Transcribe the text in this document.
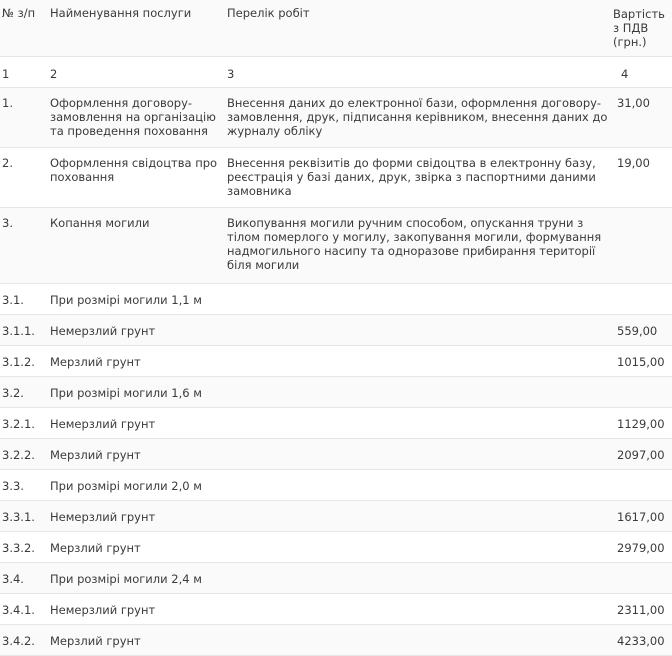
№ з/п	Найменування послуги	Перелік робіт	Вартість з ПДВ (грн.)
1	2	3	4
1.	Оформлення договору-замовлення на організацію та проведення поховання	Внесення даних до електронної бази, оформлення договору-замовлення, друк, підписання керівником, внесення даних до журналу обліку	31,00
2.	Оформлення свідоцтва про поховання	Внесення реквізитів до форми свідоцтва в електронну базу, реєстрація у базі даних, друк, звірка з паспортними даними замовника	19,00
3.	Копання могили	Викопування могили ручним способом, опускання труни з тілом померлого у могилу, закопування могили, формування надмогильного насипу та одноразове прибирання території біля могили	
3.1.	При розмірі могили 1,1 м		
3.1.1.	Немерзлий грунт		559,00
3.1.2.	Мерзлий грунт		1015,00
3.2.	При розмірі могили 1,6 м		
3.2.1.	Немерзлий грунт		1129,00
3.2.2.	Мерзлий грунт		2097,00
3.3.	При розмірі могили 2,0 м		
3.3.1.	Немерзлий грунт		1617,00
3.3.2.	Мерзлий грунт		2979,00
3.4.	При розмірі могили 2,4 м		
3.4.1.	Немерзлий грунт		2311,00
3.4.2.	Мерзлий грунт		4233,00
